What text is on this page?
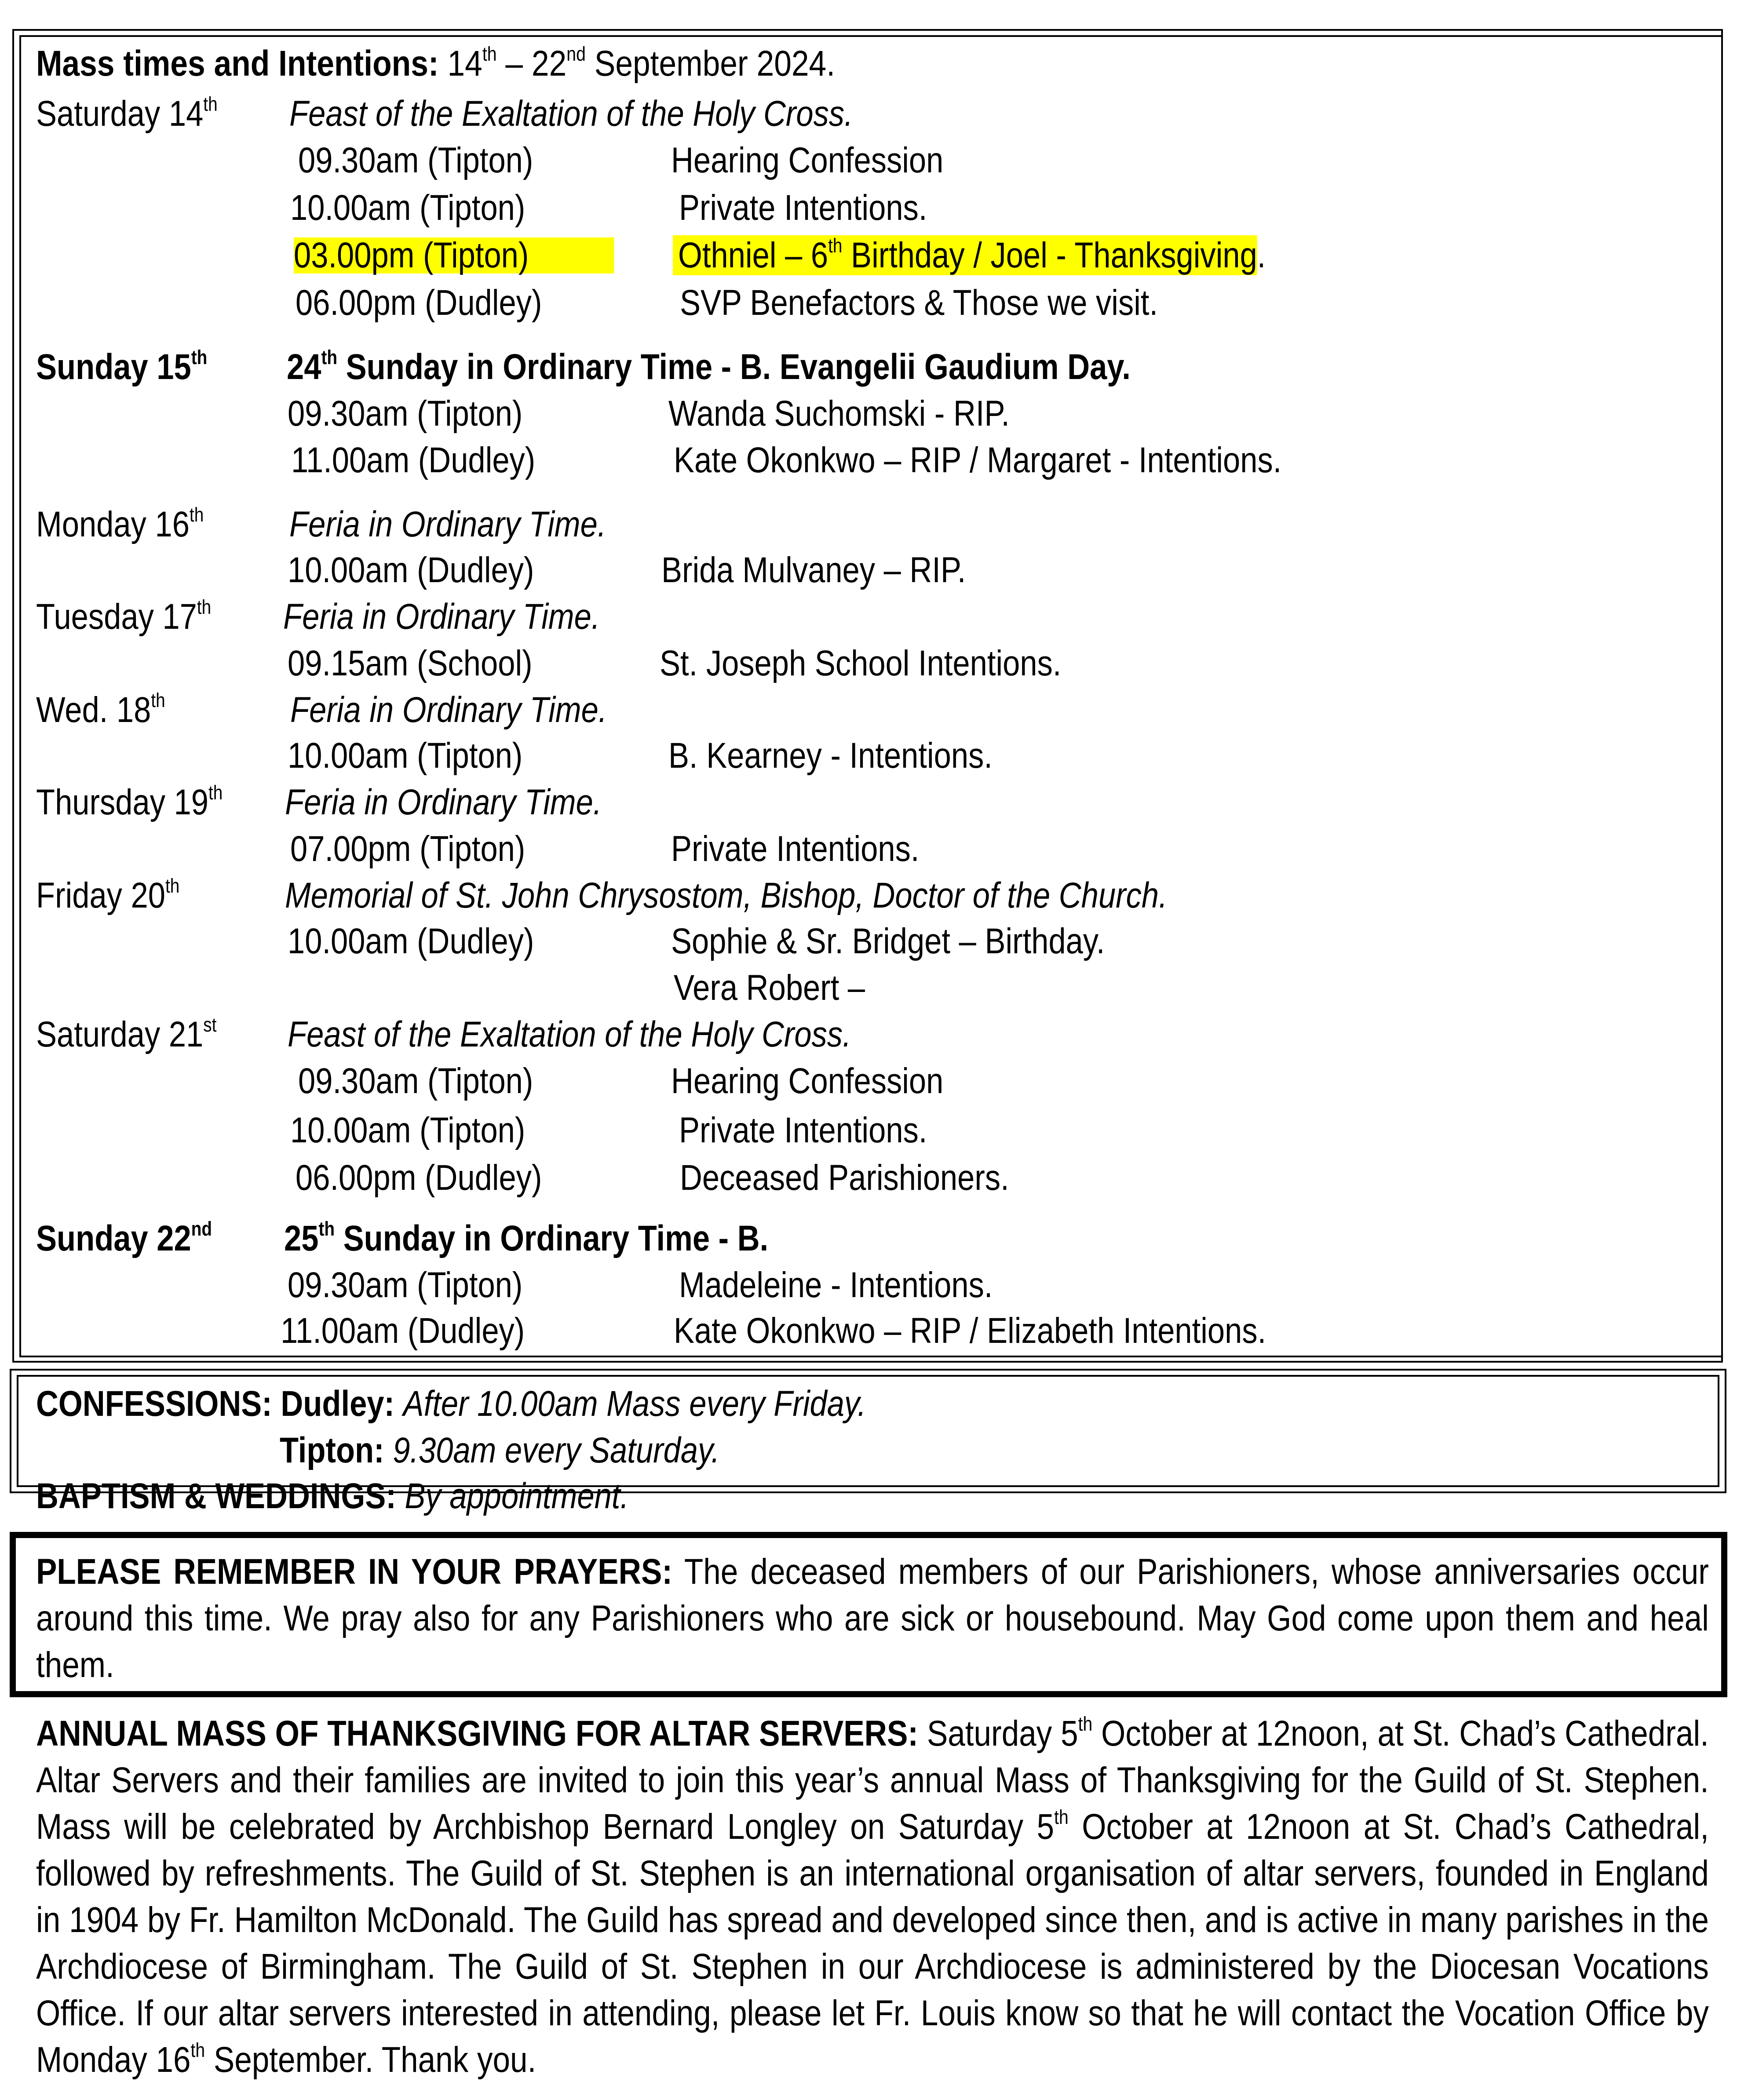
Mass times and Intentions: 14th – 22nd September 2024.
Saturday 14th	Feast of the Exaltation of the Holy Cross.
09.30am (Tipton)	Hearing Confession
10.00am (Tipton)	Private Intentions.
03.00pm (Tipton)	Othniel – 6th Birthday / Joel - Thanksgiving.
06.00pm (Dudley)	SVP Benefactors & Those we visit.
Sunday 15th	24th Sunday in Ordinary Time - B. Evangelii Gaudium Day.
09.30am (Tipton)	Wanda Suchomski - RIP.
11.00am (Dudley)	Kate Okonkwo – RIP / Margaret - Intentions.
Monday 16th	Feria in Ordinary Time.
10.00am (Dudley)	Brida Mulvaney – RIP.
Tuesday 17th	Feria in Ordinary Time.
09.15am (School)	St. Joseph School Intentions.
Wed. 18th	Feria in Ordinary Time.
10.00am (Tipton)	B. Kearney - Intentions.
Thursday 19th	Feria in Ordinary Time.
07.00pm (Tipton)	Private Intentions.
Friday 20th	Memorial of St. John Chrysostom, Bishop, Doctor of the Church.
10.00am (Dudley)	Sophie & Sr. Bridget – Birthday.
Vera Robert –
Saturday 21st	Feast of the Exaltation of the Holy Cross.
09.30am (Tipton)	Hearing Confession
10.00am (Tipton)	Private Intentions.
06.00pm (Dudley)	Deceased Parishioners.
Sunday 22nd	25th Sunday in Ordinary Time - B.
09.30am (Tipton)	Madeleine - Intentions.
11.00am (Dudley)	Kate Okonkwo – RIP / Elizabeth Intentions.
CONFESSIONS: Dudley: After 10.00am Mass every Friday.
Tipton: 9.30am every Saturday.
BAPTISM & WEDDINGS: By appointment.
PLEASE REMEMBER IN YOUR PRAYERS: The deceased members of our Parishioners, whose anniversaries occur around this time. We pray also for any Parishioners who are sick or housebound. May God come upon them and heal them.
ANNUAL MASS OF THANKSGIVING FOR ALTAR SERVERS: Saturday 5th October at 12noon, at St. Chad’s Cathedral. Altar Servers and their families are invited to join this year’s annual Mass of Thanksgiving for the Guild of St. Stephen. Mass will be celebrated by Archbishop Bernard Longley on Saturday 5th October at 12noon at St. Chad’s Cathedral, followed by refreshments. The Guild of St. Stephen is an international organisation of altar servers, founded in England in 1904 by Fr. Hamilton McDonald. The Guild has spread and developed since then, and is active in many parishes in the Archdiocese of Birmingham. The Guild of St. Stephen in our Archdiocese is administered by the Diocesan Vocations Office. If our altar servers interested in attending, please let Fr. Louis know so that he will contact the Vocation Office by Monday 16th September. Thank you.
